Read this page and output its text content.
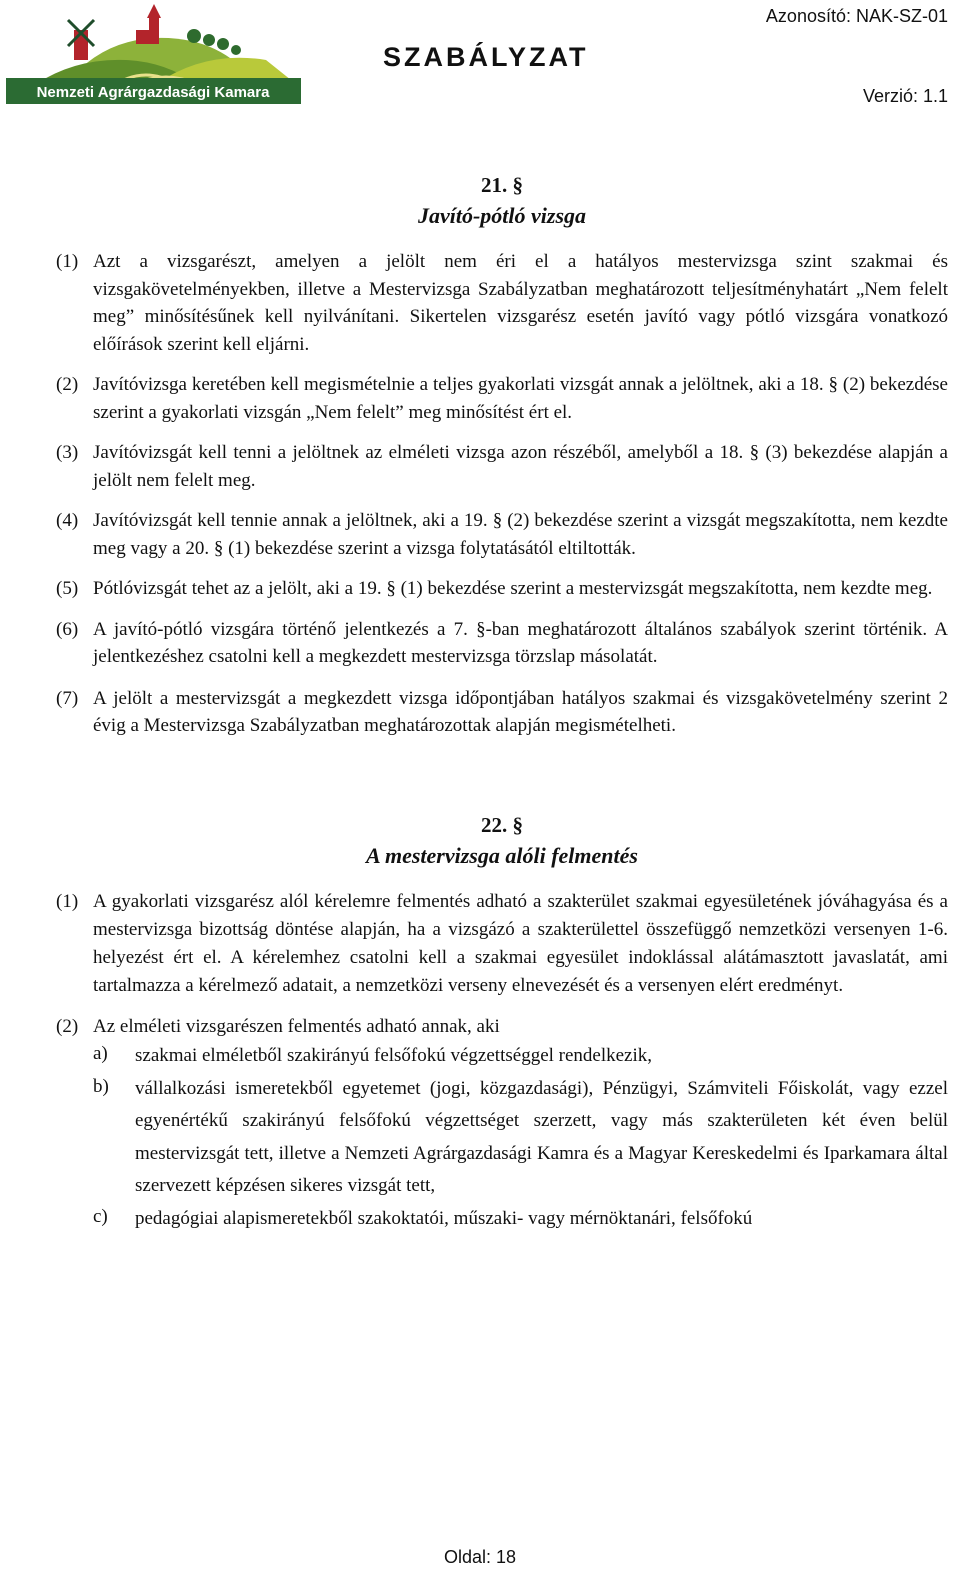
Nemzeti Agrárgazdasági Kamara
SZABÁLYZAT
Azonosító: NAK-SZ-01
Verzió: 1.1
21. §
Javító-pótló vizsga
(1) Azt a vizsgarészt, amelyen a jelölt nem éri el a hatályos mestervizsga szint szakmai és vizsgakövetelményekben, illetve a Mestervizsga Szabályzatban meghatározott teljesítményhatárt „Nem felelt meg” minősítésűnek kell nyilvánítani. Sikertelen vizsgarész esetén javító vagy pótló vizsgára vonatkozó előírások szerint kell eljárni.
(2) Javítóvizsga keretében kell megismételnie a teljes gyakorlati vizsgát annak a jelöltnek, aki a 18. § (2) bekezdése szerint a gyakorlati vizsgán „Nem felelt” meg minősítést ért el.
(3) Javítóvizsgát kell tenni a jelöltnek az elméleti vizsga azon részéből, amelyből a 18. § (3) bekezdése alapján a jelölt nem felelt meg.
(4) Javítóvizsgát kell tennie annak a jelöltnek, aki a 19. § (2) bekezdése szerint a vizsgát megszakította, nem kezdte meg vagy a 20. § (1) bekezdése szerint a vizsga folytatásától eltiltották.
(5) Pótlóvizsgát tehet az a jelölt, aki a 19. § (1) bekezdése szerint a mestervizsgát megszakította, nem kezdte meg.
(6) A javító-pótló vizsgára történő jelentkezés a 7. §-ban meghatározott általános szabályok szerint történik. A jelentkezéshez csatolni kell a megkezdett mestervizsga törzslap másolatát.
(7) A jelölt a mestervizsgát a megkezdett vizsga időpontjában hatályos szakmai és vizsgakövetelmény szerint 2 évig a Mestervizsga Szabályzatban meghatározottak alapján megismételheti.
22. §
A mestervizsga alóli felmentés
(1) A gyakorlati vizsgarész alól kérelemre felmentés adható a szakterület szakmai egyesületének jóváhagyása és a mestervizsga bizottság döntése alapján, ha a vizsgázó a szakterülettel összefüggő nemzetközi versenyen 1-6. helyezést ért el. A kérelemhez csatolni kell a szakmai egyesület indoklással alátámasztott javaslatát, ami tartalmazza a kérelmező adatait, a nemzetközi verseny elnevezését és a versenyen elért eredményt.
(2) Az elméleti vizsgarészen felmentés adható annak, aki
a)	szakmai elméletből szakirányú felsőfokú végzettséggel rendelkezik,
b)	vállalkozási ismeretekből egyetemet (jogi, közgazdasági), Pénzügyi, Számviteli Főiskolát, vagy ezzel egyenértékű szakirányú felsőfokú végzettséget szerzett, vagy más szakterületen két éven belül mestervizsgát tett, illetve a Nemzeti Agrárgazdasági Kamra és a Magyar Kereskedelmi és Iparkamara által szervezett képzésen sikeres vizsgát tett,
c)	pedagógiai alapismeretekből szakoktatói, műszaki- vagy mérnöktanári, felsőfokú
Oldal: 18
